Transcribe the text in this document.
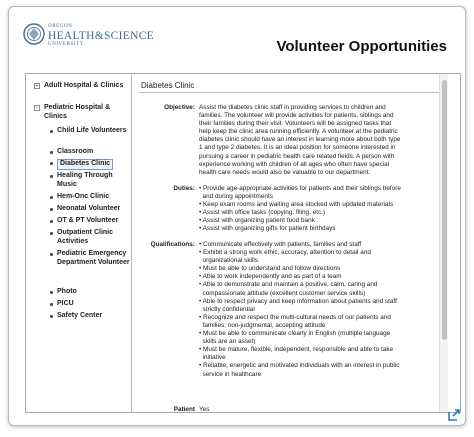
OREGON
HEALTH&SCIENCE
UNIVERSITY	Volunteer Opportunities
+ Adult Hospital & Clinics
− Pediatric Hospital & Clinics
Child Life Volunteers
Classroom
Diabetes Clinic
Healing Through Music
Hem-Onc Clinic
Neonatal Volunteer
OT & PT Volunteer
Outpatient Clinic Activities
Pediatric Emergency Department Volunteer
Photo
PICU
Safety Center
Diabetes Clinic
Objective: Assist the diabetes clinic staff in providing services to children and
families. The volunteer will provide activities for patients, siblings and
their families during their visit. Volunteers will be assigned tasks that
help keep the clinic area running efficiently. A volunteer at the pediatric
diabetes clinic should have an interest in learning more about both type
1 and type 2 diabetes. It is an ideal position for someone interested in
pursuing a career in pediatric health care related fields. A person with
experience working with children of all ages who often have special
health care needs would also be valuable to our department.
Duties: • Provide age-appropriate activities for patients and their siblings before
and during appointments
• Keep exam rooms and waiting area stocked with updated materials
• Assist with office tasks (copying, filing, etc.)
• Assist with organizing patient food bank
• Assist with organizing gifts for patient birthdays
Qualifications: • Communicate effectively with patients, families and staff
• Exhibit a strong work ethic, accuracy, attention to detail and
organizational skills
• Must be able to understand and follow directions
• Able to work independently and as part of a team
• Able to demonstrate and maintain a positive, calm, caring and
compassionate attitude (excellent customer service skills)
• Able to respect privacy and keep information about patients and staff
strictly confidential
• Recognize and respect the multi-cultural needs of our patients and
families; non-judgmental, accepting attitude
• Must be able to communicate clearly in English (multiple language
skills are an asset)
• Must be mature, flexible, independent, responsible and able to take
initiative
• Reliable, energetic and motivated individuals with an interest in public
service in healthcare
Patient Yes
